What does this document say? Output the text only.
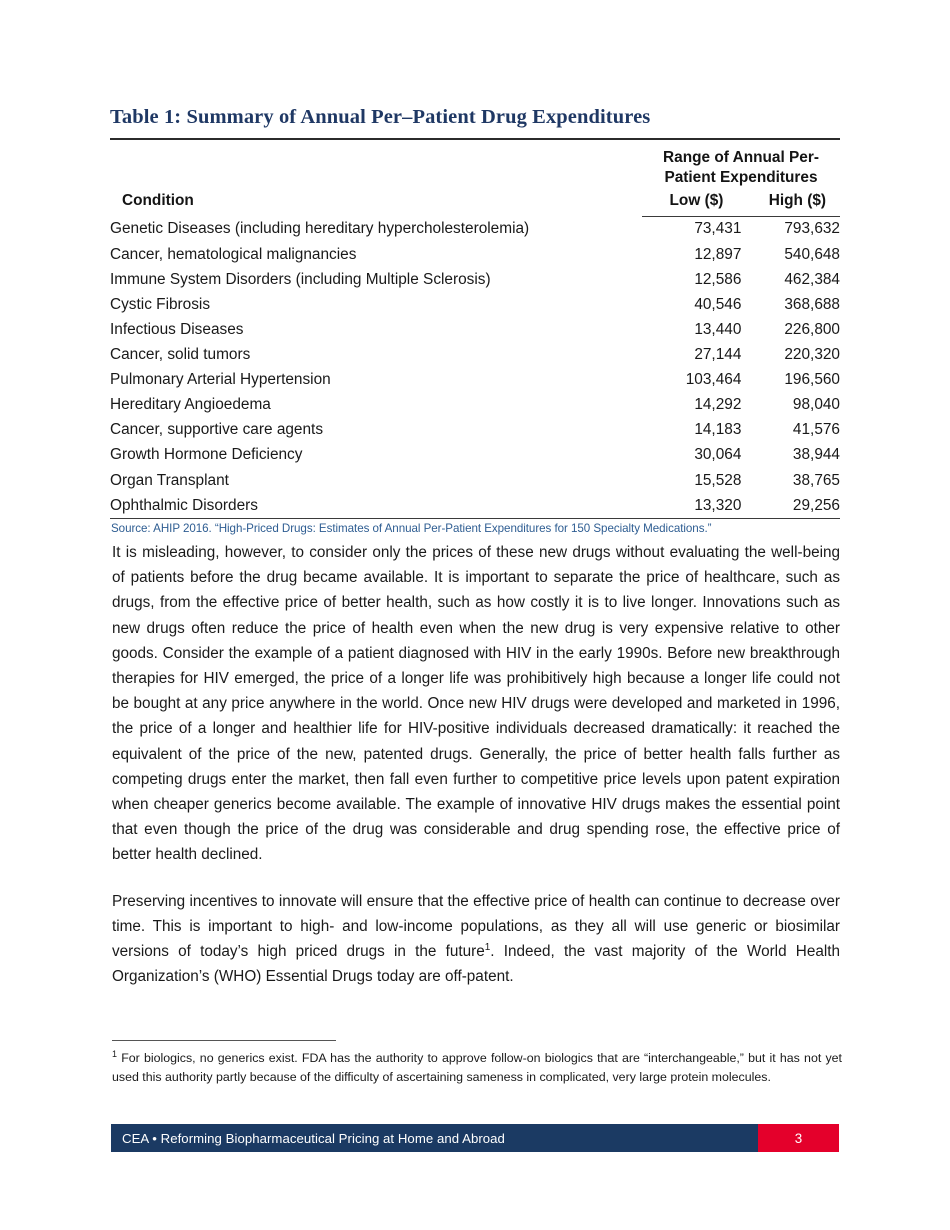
Table 1: Summary of Annual Per–Patient Drug Expenditures
Condition	Range of Annual Per-
Patient Expenditures	
	Low ($)	High ($)
Genetic Diseases (including hereditary hypercholesterolemia)	73,431	793,632
Cancer, hematological malignancies	12,897	540,648
Immune System Disorders (including Multiple Sclerosis)	12,586	462,384
Cystic Fibrosis	40,546	368,688
Infectious Diseases	13,440	226,800
Cancer, solid tumors	27,144	220,320
Pulmonary Arterial Hypertension	103,464	196,560
Hereditary Angioedema	14,292	98,040
Cancer, supportive care agents	14,183	41,576
Growth Hormone Deficiency	30,064	38,944
Organ Transplant	15,528	38,765
Ophthalmic Disorders	13,320	29,256
Source: AHIP 2016. “High-Priced Drugs: Estimates of Annual Per-Patient Expenditures for 150 Specialty Medications.”

It is misleading, however, to consider only the prices of these new drugs without evaluating the well-being of patients before the drug became available. It is important to separate the price of healthcare, such as drugs, from the effective price of better health, such as how costly it is to live longer. Innovations such as new drugs often reduce the price of health even when the new drug is very expensive relative to other goods. Consider the example of a patient diagnosed with HIV in the early 1990s. Before new breakthrough therapies for HIV emerged, the price of a longer life was prohibitively high because a longer life could not be bought at any price anywhere in the world. Once new HIV drugs were developed and marketed in 1996, the price of a longer and healthier life for HIV-positive individuals decreased dramatically: it reached the equivalent of the price of the new, patented drugs. Generally, the price of better health falls further as competing drugs enter the market, then fall even further to competitive price levels upon patent expiration when cheaper generics become available. The example of innovative HIV drugs makes the essential point that even though the price of the drug was considerable and drug spending rose, the effective price of better health declined.

Preserving incentives to innovate will ensure that the effective price of health can continue to decrease over time. This is important to high- and low-income populations, as they all will use generic or biosimilar versions of today’s high priced drugs in the future$^1$. Indeed, the vast majority of the World Health Organization’s (WHO) Essential Drugs today are off-patent.

$^1$ For biologics, no generics exist. FDA has the authority to approve follow-on biologics that are “interchangeable,” but it has not yet used this authority partly because of the difficulty of ascertaining sameness in complicated, very large protein molecules.

CEA • Reforming Biopharmaceutical Pricing at Home and Abroad	3
